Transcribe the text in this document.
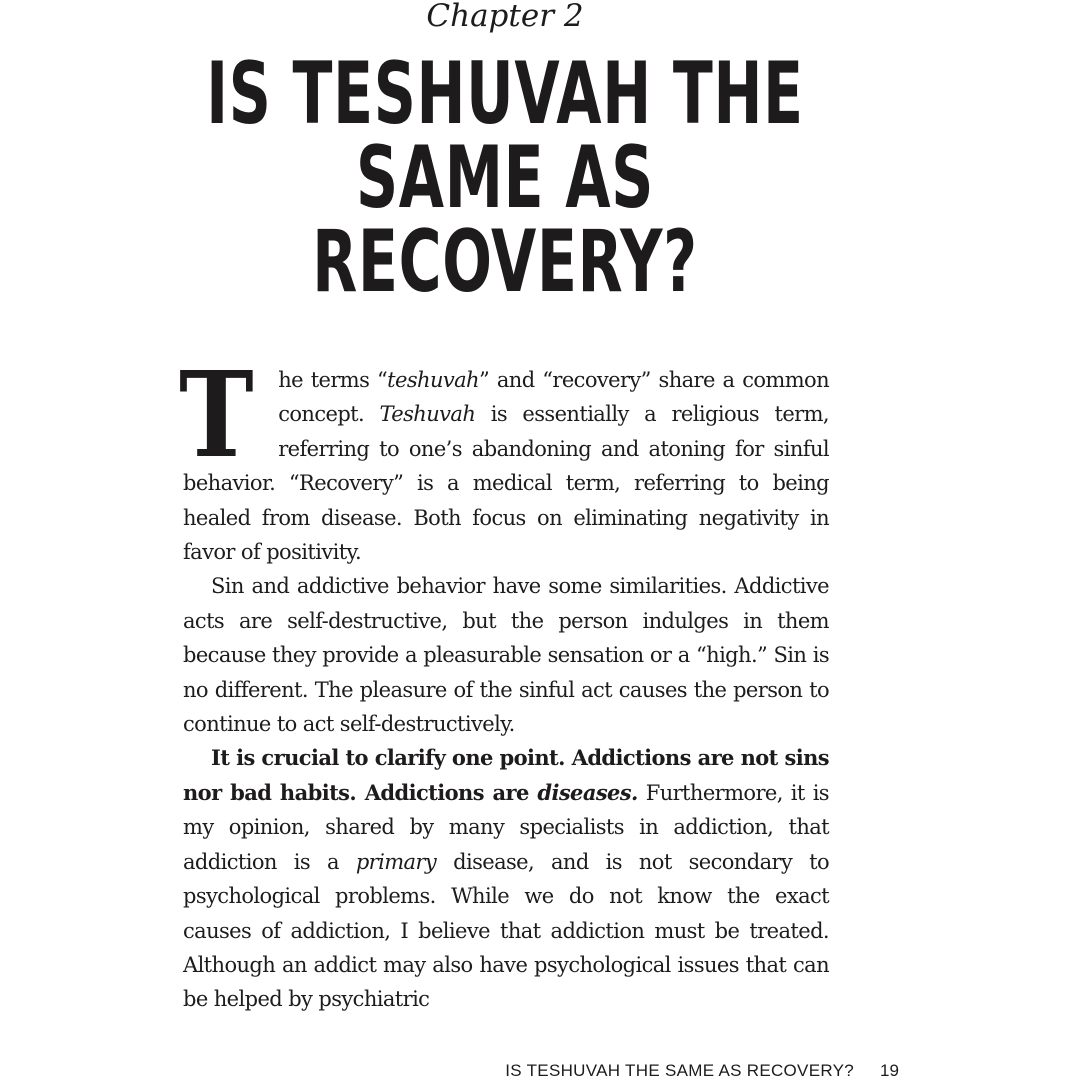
Chapter 2
IS TESHUVAH THE
SAME AS RECOVERY?

T he terms “teshuvah” and “recovery” share a common concept. Teshuvah is essentially a religious term, referring to one’s abandoning and atoning for sinful behavior. “Recovery” is a medical term, referring to being healed from disease. Both focus on eliminating negativity in favor of positivity.

Sin and addictive behavior have some similarities. Addictive acts are self-destructive, but the person indulges in them because they provide a pleasurable sensation or a “high.” Sin is no different. The pleasure of the sinful act causes the person to continue to act self-destructively.

It is crucial to clarify one point. Addictions are not sins nor bad habits. Addictions are diseases. Furthermore, it is my opinion, shared by many specialists in addiction, that addiction is a primary disease, and is not secondary to psychological problems. While we do not know the exact causes of addiction, I believe that addiction must be treated. Although an addict may also have psychological issues that can be helped by psychiatric

IS TESHUVAH THE SAME AS RECOVERY? 19
